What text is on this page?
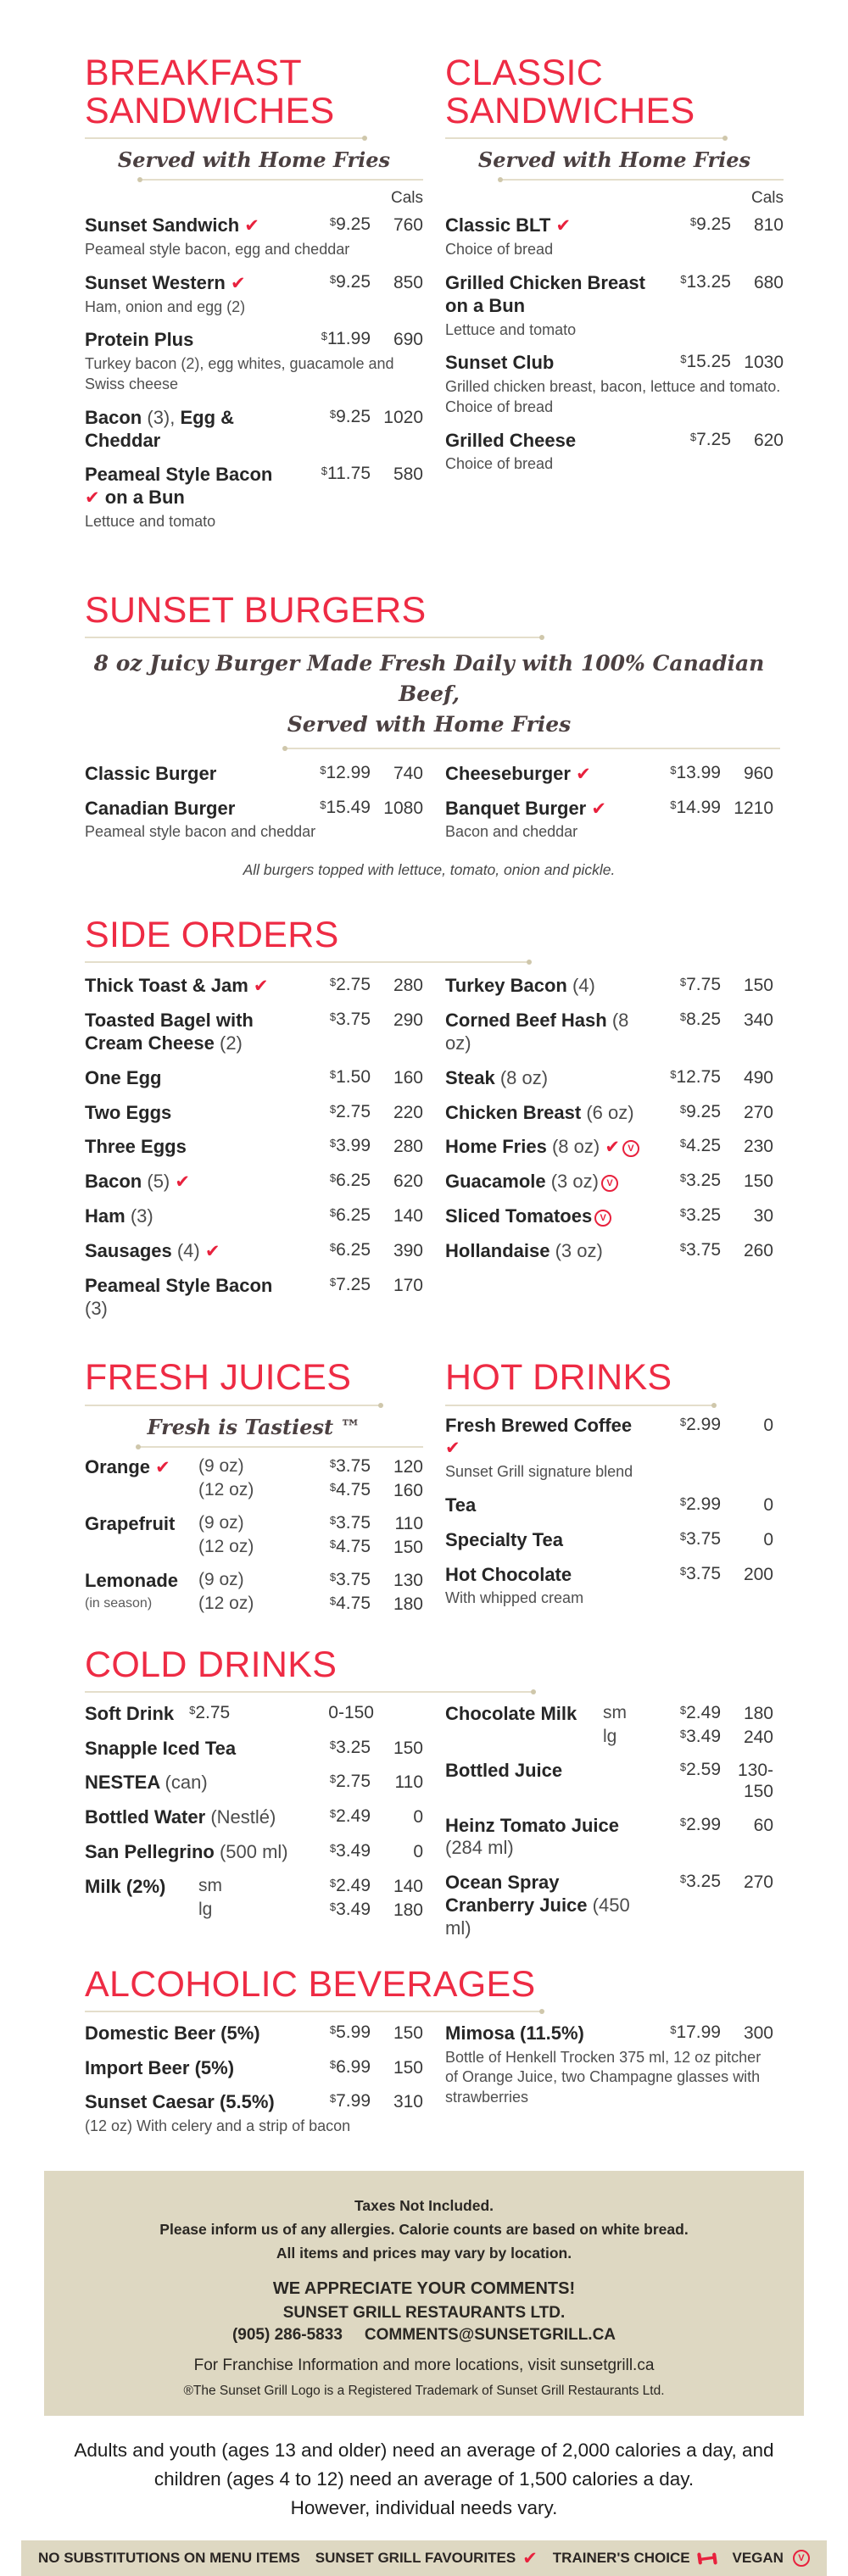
BREAKFAST SANDWICHES
Served with Home Fries
Cals
Sunset Sandwich ✔	$9.25	760
Peameal style bacon, egg and cheddar
Sunset Western ✔	$9.25	850
Ham, onion and egg (2)
Protein Plus	$11.99	690
Turkey bacon (2), egg whites, guacamole and Swiss cheese
Bacon (3), Egg & Cheddar
$9.25 1020
Peameal Style Bacon ✔ on a Bun
$11.75	580
Lettuce and tomato
CLASSIC SANDWICHES
Served with Home Fries
Cals
Classic BLT ✔	$9.25	810
Choice of bread
Grilled Chicken Breast on a Bun
$13.25	680
Lettuce and tomato
Sunset Club	$15.25 1030
Grilled chicken breast, bacon, lettuce and tomato. Choice of bread
Grilled Cheese	$7.25	620
Choice of bread
SUNSET BURGERS
8 oz Juicy Burger Made Fresh Daily with 100% Canadian Beef,
Served with Home Fries
Classic Burger	$12.99	740
Canadian Burger	$15.49 1080
Peameal style bacon and cheddar
Cheeseburger ✔	$13.99	960
Banquet Burger ✔	$14.99 1210
Bacon and cheddar
All burgers topped with lettuce, tomato, onion and pickle.
SIDE ORDERS
Thick Toast & Jam ✔	$2.75	280
Toasted Bagel with Cream Cheese (2)
$3.75	290
One Egg	$1.50	160
Two Eggs	$2.75	220
Three Eggs	$3.99	280
Bacon (5) ✔	$6.25	620
Ham (3)	$6.25	140
Sausages (4) ✔	$6.25	390
Peameal Style Bacon (3)
$7.25	170
Turkey Bacon (4)	$7.75	150
Corned Beef Hash (8 oz)
$8.25	340
Steak (8 oz)	$12.75	490
Chicken Breast (6 oz)	$9.25	270
Home Fries (8 oz) ✔ V	$4.25	230
Guacamole (3 oz) V	$3.25	150
Sliced Tomatoes V	$3.25	30
Hollandaise (3 oz)	$3.75	260
FRESH JUICES
Fresh is Tastiest ™
Orange ✔	(9 oz)	$3.75	120
(12 oz)	$4.75	160
Grapefruit	(9 oz)	$3.75	110
(12 oz)	$4.75	150
Lemonade
(in season)
(9 oz)	$3.75	130
(12 oz)	$4.75	180
HOT DRINKS
Fresh Brewed Coffee ✔
$2.99	0
Sunset Grill signature blend
Tea	$2.99	0
Specialty Tea	$3.75	0
Hot Chocolate	$3.75	200
With whipped cream
COLD DRINKS
Soft Drink	$2.75	0-150
Snapple Iced Tea	$3.25	150
NESTEA (can)	$2.75	110
Bottled Water (Nestlé)	$2.49	0
San Pellegrino (500 ml)	$3.49	0
Milk (2%)	sm	$2.49	140
lg	$3.49	180
Chocolate Milk	sm	$2.49	180
lg	$3.49	240
Bottled Juice	$2.59 130-150
Heinz Tomato Juice (284 ml)
$2.99	60
Ocean Spray Cranberry Juice (450 ml)
$3.25	270
ALCOHOLIC BEVERAGES
Domestic Beer (5%)	$5.99	150
Import Beer (5%)	$6.99	150
Sunset Caesar (5.5%)	$7.99	310
(12 oz) With celery and a strip of bacon
Mimosa (11.5%)	$17.99	300
Bottle of Henkell Trocken 375 ml, 12 oz pitcher of Orange Juice, two Champagne glasses with strawberries
Taxes Not Included.
Please inform us of any allergies. Calorie counts are based on white bread.
All items and prices may vary by location.
WE APPRECIATE YOUR COMMENTS!
SUNSET GRILL RESTAURANTS LTD.
(905) 286-5833 COMMENTS@SUNSETGRILL.CA
For Franchise Information and more locations, visit sunsetgrill.ca
®The Sunset Grill Logo is a Registered Trademark of Sunset Grill Restaurants Ltd.
Adults and youth (ages 13 and older) need an average of 2,000 calories a day, and
children (ages 4 to 12) need an average of 1,500 calories a day.
However, individual needs vary.
NO SUBSTITUTIONS ON MENU ITEMS SUNSET GRILL FAVOURITES ✔ TRAINER'S CHOICE	VEGAN	V
